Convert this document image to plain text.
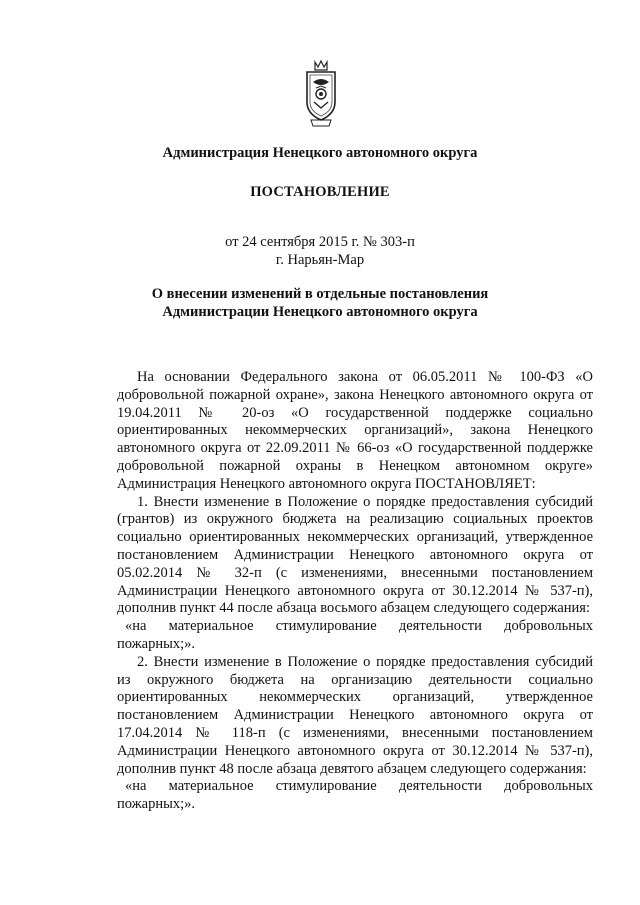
Администрация Ненецкого автономного округа
ПОСТАНОВЛЕНИЕ
от 24 сентября 2015 г. № 303-п
г. Нарьян-Мар
О внесении изменений в отдельные постановления
Администрации Ненецкого автономного округа

На основании Федерального закона от 06.05.2011 № 100-ФЗ «О добровольной пожарной охране», закона Ненецкого автономного округа от 19.04.2011 № 20-оз «О государственной поддержке социально ориентированных некоммерческих организаций», закона Ненецкого автономного округа от 22.09.2011 № 66-оз «О государственной поддержке добровольной пожарной охраны в Ненецком автономном округе» Администрация Ненецкого автономного округа ПОСТАНОВЛЯЕТ:

1. Внести изменение в Положение о порядке предоставления субсидий (грантов) из окружного бюджета на реализацию социальных проектов социально ориентированных некоммерческих организаций, утвержденное постановлением Администрации Ненецкого автономного округа от 05.02.2014 № 32-п (с изменениями, внесенными постановлением Администрации Ненецкого автономного округа от 30.12.2014 № 537-п), дополнив пункт 44 после абзаца восьмого абзацем следующего содержания:

«на материальное стимулирование деятельности добровольных пожарных;».

2. Внести изменение в Положение о порядке предоставления субсидий из окружного бюджета на организацию деятельности социально ориентированных некоммерческих организаций, утвержденное постановлением Администрации Ненецкого автономного округа от 17.04.2014 № 118-п (с изменениями, внесенными постановлением Администрации Ненецкого автономного округа от 30.12.2014 № 537-п), дополнив пункт 48 после абзаца девятого абзацем следующего содержания:

«на материальное стимулирование деятельности добровольных пожарных;».
